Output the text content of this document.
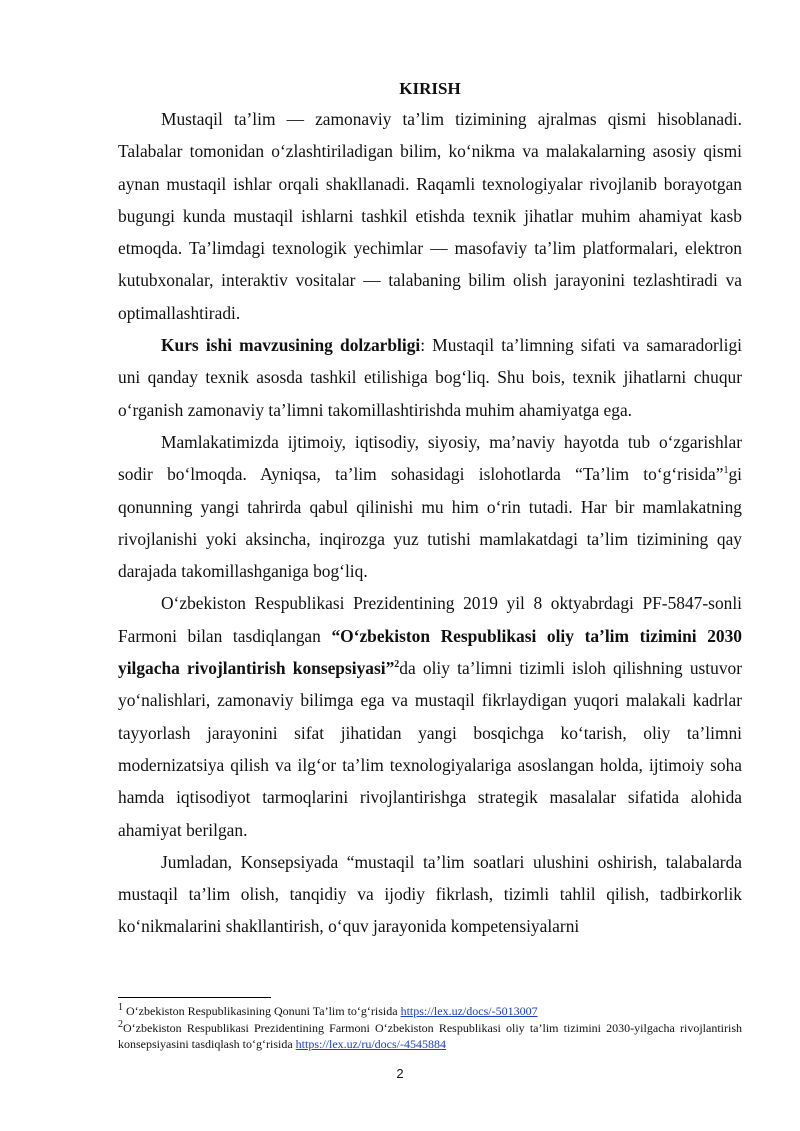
KIRISH

Mustaqil ta’lim — zamonaviy ta’lim tizimining ajralmas qismi hisoblanadi. Talabalar tomonidan o‘zlashtiriladigan bilim, ko‘nikma va malakalarning asosiy qismi aynan mustaqil ishlar orqali shakllanadi. Raqamli texnologiyalar rivojlanib borayotgan bugungi kunda mustaqil ishlarni tashkil etishda texnik jihatlar muhim ahamiyat kasb etmoqda. Ta’limdagi texnologik yechimlar — masofaviy ta’lim platformalari, elektron kutubxonalar, interaktiv vositalar — talabaning bilim olish jarayonini tezlashtiradi va optimallashtiradi.

Kurs ishi mavzusining dolzarbligi: Mustaqil ta’limning sifati va samaradorligi uni qanday texnik asosda tashkil etilishiga bog‘liq. Shu bois, texnik jihatlarni chuqur o‘rganish zamonaviy ta’limni takomillashtirishda muhim ahamiyatga ega.

Mamlakatimizda ijtimoiy, iqtisodiy, siyosiy, ma’naviy hayotda tub o‘zgarishlar sodir bo‘lmoqda. Ayniqsa, ta’lim sohasidagi islohotlarda “Ta’lim to‘g‘risida”$^1$gi qonunning yangi tahrirda qabul qilinishi mu him o‘rin tutadi. Har bir mamlakatning rivojlanishi yoki aksincha, inqirozga yuz tutishi mamlakatdagi ta’lim tizimining qay darajada takomillashganiga bog‘liq.

O‘zbekiston Respublikasi Prezidentining 2019 yil 8 oktyabrdagi PF-5847-sonli Farmoni bilan tasdiqlangan “O‘zbekiston Respublikasi oliy ta’lim tizimini 2030 yilgacha rivojlantirish konsepsiyasi”$^2$da oliy ta’limni tizimli isloh qilishning ustuvor yo‘nalishlari, zamonaviy bilimga ega va mustaqil fikrlaydigan yuqori malakali kadrlar tayyorlash jarayonini sifat jihatidan yangi bosqichga ko‘tarish, oliy ta’limni modernizatsiya qilish va ilg‘or ta’lim texnologiyalariga asoslangan holda, ijtimoiy soha hamda iqtisodiyot tarmoqlarini rivojlantirishga strategik masalalar sifatida alohida ahamiyat berilgan.

Jumladan, Konsepsiyada “mustaqil ta’lim soatlari ulushini oshirish, talabalarda mustaqil ta’lim olish, tanqidiy va ijodiy fikrlash, tizimli tahlil qilish, tadbirkorlik ko‘nikmalarini shakllantirish, o‘quv jarayonida kompetensiyalarni

$^1$ O‘zbekiston Respublikasining Qonuni Ta’lim to‘g‘risida https://lex.uz/docs/-5013007

$^2$O‘zbekiston Respublikasi Prezidentining Farmoni O‘zbekiston Respublikasi oliy ta’lim tizimini 2030-yilgacha rivojlantirish konsepsiyasini tasdiqlash to‘g‘risida https://lex.uz/ru/docs/-4545884

2
